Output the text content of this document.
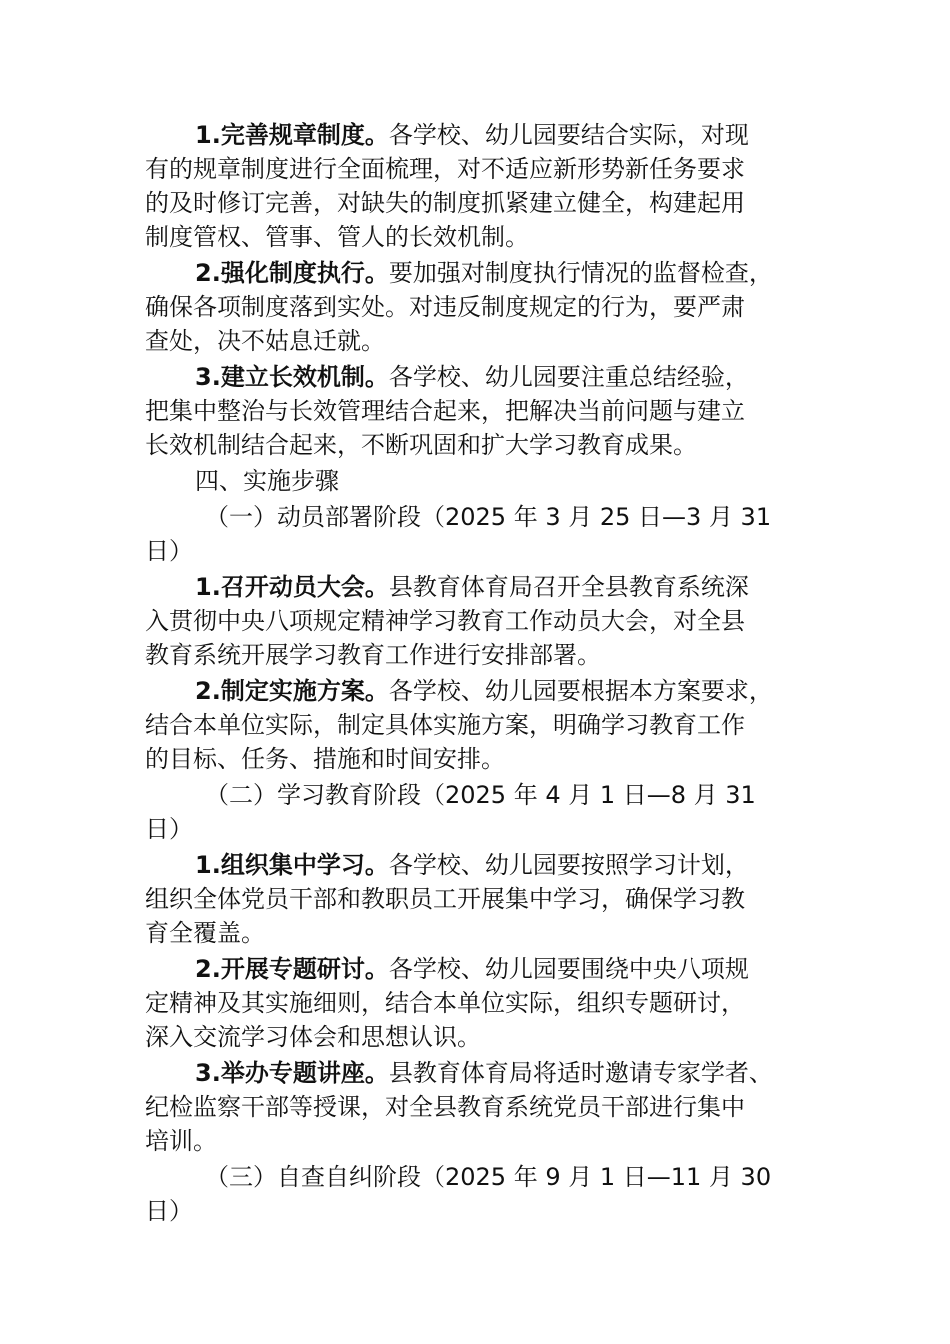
1.完善规章制度。各学校、幼儿园要结合实际，对现
有的规章制度进行全面梳理，对不适应新形势新任务要求
的及时修订完善，对缺失的制度抓紧建立健全，构建起用
制度管权、管事、管人的长效机制。
2.强化制度执行。要加强对制度执行情况的监督检查，
确保各项制度落到实处。对违反制度规定的行为，要严肃
查处，决不姑息迁就。
3.建立长效机制。各学校、幼儿园要注重总结经验，
把集中整治与长效管理结合起来，把解决当前问题与建立
长效机制结合起来，不断巩固和扩大学习教育成果。
四、实施步骤
（一）动员部署阶段（2025 年 3 月 25 日—3 月 31
日）
1.召开动员大会。县教育体育局召开全县教育系统深
入贯彻中央八项规定精神学习教育工作动员大会，对全县
教育系统开展学习教育工作进行安排部署。
2.制定实施方案。各学校、幼儿园要根据本方案要求，
结合本单位实际，制定具体实施方案，明确学习教育工作
的目标、任务、措施和时间安排。
（二）学习教育阶段（2025 年 4 月 1 日—8 月 31
日）
1.组织集中学习。各学校、幼儿园要按照学习计划，
组织全体党员干部和教职员工开展集中学习，确保学习教
育全覆盖。
2.开展专题研讨。各学校、幼儿园要围绕中央八项规
定精神及其实施细则，结合本单位实际，组织专题研讨，
深入交流学习体会和思想认识。
3.举办专题讲座。县教育体育局将适时邀请专家学者、
纪检监察干部等授课，对全县教育系统党员干部进行集中
培训。
（三）自查自纠阶段（2025 年 9 月 1 日—11 月 30
日）
